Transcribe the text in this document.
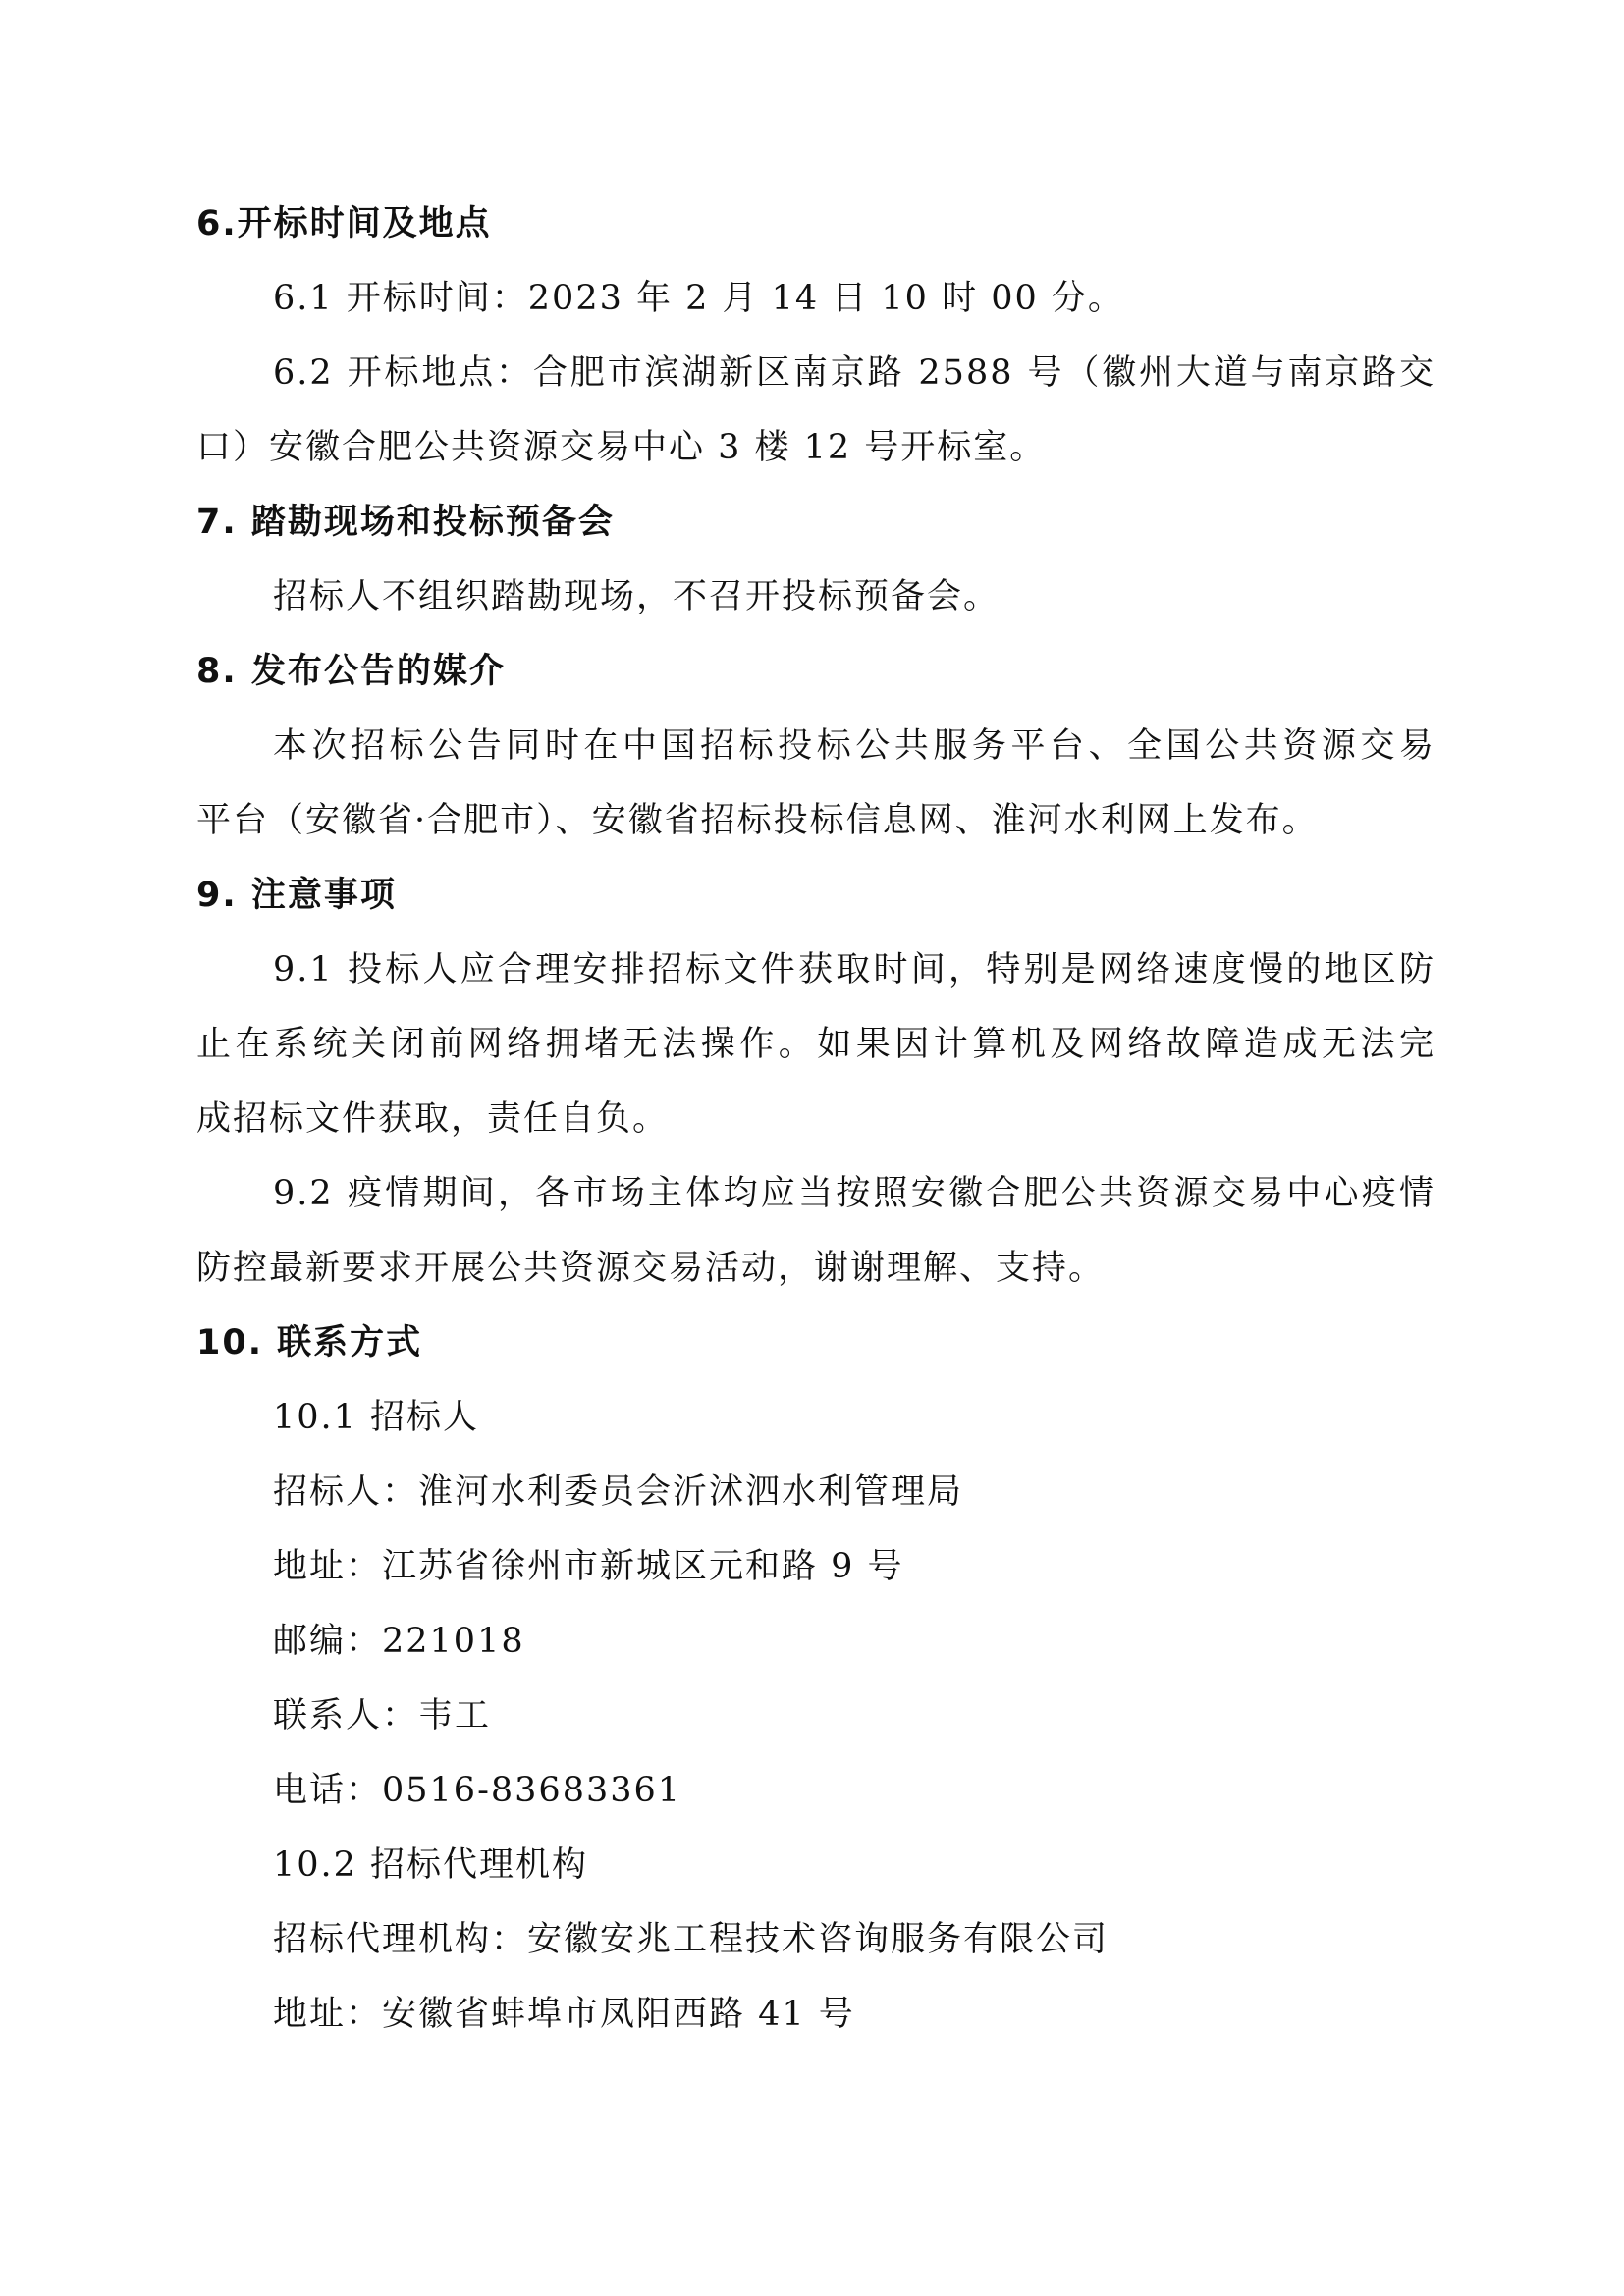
6.开标时间及地点
6.1 开标时间：2023 年 2 月 14 日 10 时 00 分。
6.2 开标地点：合肥市滨湖新区南京路 2588 号（徽州大道与南京路交
口）安徽合肥公共资源交易中心 3 楼 12 号开标室。
7. 踏勘现场和投标预备会
招标人不组织踏勘现场，不召开投标预备会。
8. 发布公告的媒介
本次招标公告同时在中国招标投标公共服务平台、全国公共资源交易
平台（安徽省·合肥市）、安徽省招标投标信息网、淮河水利网上发布。
9. 注意事项
9.1 投标人应合理安排招标文件获取时间，特别是网络速度慢的地区防
止在系统关闭前网络拥堵无法操作。如果因计算机及网络故障造成无法完
成招标文件获取，责任自负。
9.2 疫情期间，各市场主体均应当按照安徽合肥公共资源交易中心疫情
防控最新要求开展公共资源交易活动，谢谢理解、支持。
10. 联系方式
10.1 招标人
招标人：淮河水利委员会沂沭泗水利管理局
地址：江苏省徐州市新城区元和路 9 号
邮编：221018
联系人：韦工
电话：0516-83683361
10.2 招标代理机构
招标代理机构：安徽安兆工程技术咨询服务有限公司
地址：安徽省蚌埠市凤阳西路 41 号
